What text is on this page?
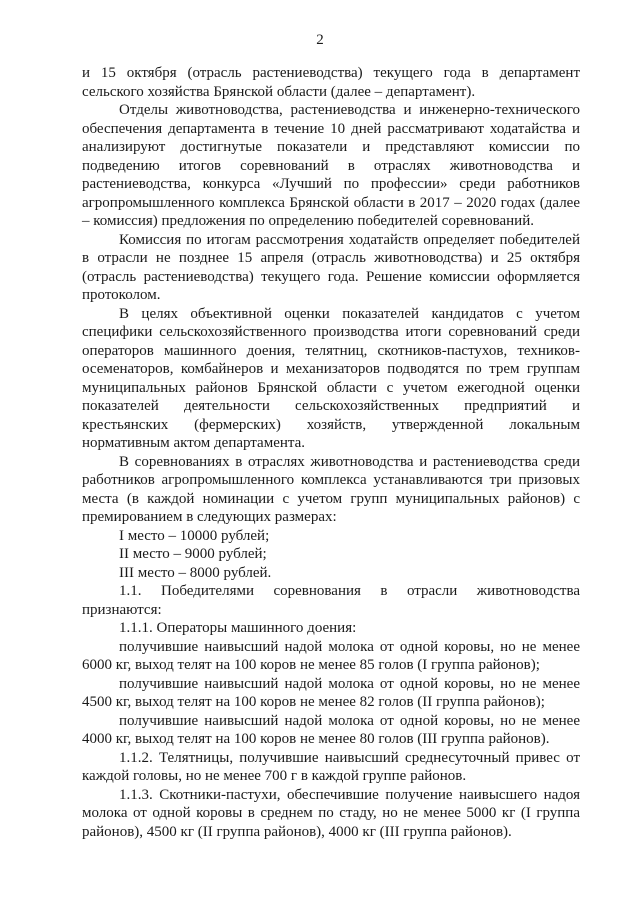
2

и 15 октября (отрасль растениеводства) текущего года в департамент сельского хозяйства Брянской области (далее – департамент).

Отделы животноводства, растениеводства и инженерно-технического обеспечения департамента в течение 10 дней рассматривают ходатайства и анализируют достигнутые показатели и представляют комиссии по подведению итогов соревнований в отраслях животноводства и растениеводства, конкурса «Лучший по профессии» среди работников агропромышленного комплекса Брянской области в 2017 – 2020 годах (далее – комиссия) предложения по определению победителей соревнований.

Комиссия по итогам рассмотрения ходатайств определяет победителей в отрасли не позднее 15 апреля (отрасль животноводства) и 25 октября (отрасль растениеводства) текущего года. Решение комиссии оформляется протоколом.

В целях объективной оценки показателей кандидатов с учетом специфики сельскохозяйственного производства итоги соревнований среди операторов машинного доения, телятниц, скотников-пастухов, техников-осеменаторов, комбайнеров и механизаторов подводятся по трем группам муниципальных районов Брянской области с учетом ежегодной оценки показателей деятельности сельскохозяйственных предприятий и крестьянских (фермерских) хозяйств, утвержденной локальным нормативным актом департамента.

В соревнованиях в отраслях животноводства и растениеводства среди работников агропромышленного комплекса устанавливаются три призовых места (в каждой номинации с учетом групп муниципальных районов) с премированием в следующих размерах:

I место – 10000 рублей;

II место – 9000 рублей;

III место – 8000 рублей.

1.1. Победителями соревнования в отрасли животноводства признаются:

1.1.1. Операторы машинного доения:

получившие наивысший надой молока от одной коровы, но не менее 6000 кг, выход телят на 100 коров не менее 85 голов (I группа районов);

получившие наивысший надой молока от одной коровы, но не менее 4500 кг, выход телят на 100 коров не менее 82 голов (II группа районов);

получившие наивысший надой молока от одной коровы, но не менее 4000 кг, выход телят на 100 коров не менее 80 голов (III группа районов).

1.1.2. Телятницы, получившие наивысший среднесуточный привес от каждой головы, но не менее 700 г в каждой группе районов.

1.1.3. Скотники-пастухи, обеспечившие получение наивысшего надоя молока от одной коровы в среднем по стаду, но не менее 5000 кг (I группа районов), 4500 кг (II группа районов), 4000 кг (III группа районов).
